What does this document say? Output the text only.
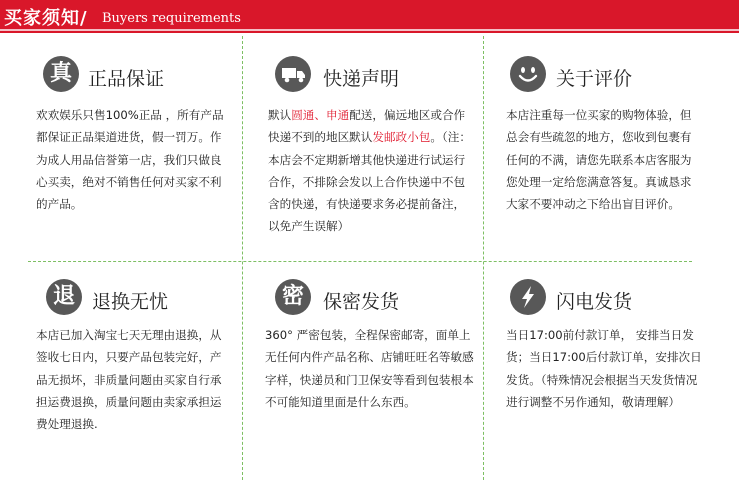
买家须知/ Buyers requirements
真 正品保证
欢欢娱乐只售100%正品 ，所有产品都保证正品渠道进货，假一罚万。作为成人用品信誉第一店，我们只做良心买卖，绝对不销售任何对买家不利的产品。
快递声明
默认圆通、申通配送，偏远地区或合作快递不到的地区默认发邮政小包。（注：本店会不定期新增其他快递进行试运行合作，不排除会发以上合作快递中不包含的快递，有快递要求务必提前备注，以免产生误解）
关于评价
本店注重每一位买家的购物体验，但总会有些疏忽的地方，您收到包裹有任何的不满，请您先联系本店客服为您处理一定给您满意答复。真诚恳求大家不要冲动之下给出盲目评价。
退 退换无忧
本店已加入淘宝七天无理由退换，从签收七日内，只要产品包装完好，产品无损坏，非质量问题由买家自行承担运费退换，质量问题由卖家承担运费处理退换.
密	保密发货
360° 严密包装，全程保密邮寄，面单上无任何内件产品名称、店铺旺旺名等敏感字样，快递员和门卫保安等看到包装根本不可能知道里面是什么东西。
闪电发货
当日17:00前付款订单， 安排当日发货；当日17:00后付款订单，安排次日发货。（特殊情况会根据当天发货情况进行调整不另作通知，敬请理解）
